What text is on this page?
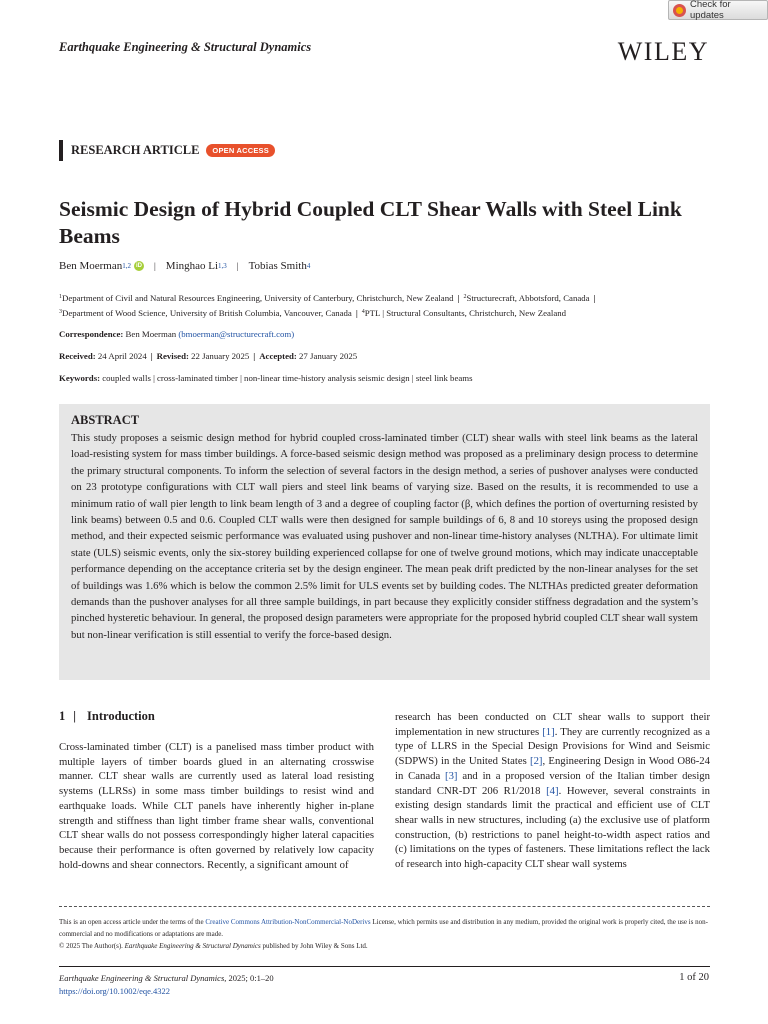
Check for updates
Earthquake Engineering & Structural Dynamics	WILEY
RESEARCH ARTICLE	OPEN ACCESS
Seismic Design of Hybrid Coupled CLT Shear Walls with Steel Link Beams
Ben Moerman 1,2 iD | Minghao Li 1,3 | Tobias Smith 4
$^1$Department of Civil and Natural Resources Engineering, University of Canterbury, Christchurch, New Zealand | $^2$Structurecraft, Abbotsford, Canada |
$^3$Department of Wood Science, University of British Columbia, Vancouver, Canada | $^4$PTL | Structural Consultants, Christchurch, New Zealand
Correspondence: Ben Moerman (bmoerman@structurecraft.com)
Received: 24 April 2024 | Revised: 22 January 2025 | Accepted: 27 January 2025
Keywords: coupled walls | cross-laminated timber | non-linear time-history analysis seismic design | steel link beams
ABSTRACT

This study proposes a seismic design method for hybrid coupled cross-laminated timber (CLT) shear walls with steel link beams as the lateral load-resisting system for mass timber buildings. A force-based seismic design method was proposed as a preliminary design process to determine the primary structural components. To inform the selection of several factors in the design method, a series of pushover analyses were conducted on 23 prototype configurations with CLT wall piers and steel link beams of varying size. Based on the results, it is recommended to use a minimum ratio of wall pier length to link beam length of 3 and a degree of coupling factor (β, which defines the portion of overturning resisted by link beams) between 0.5 and 0.6. Coupled CLT walls were then designed for sample buildings of 6, 8 and 10 storeys using the proposed design method, and their expected seismic performance was evaluated using pushover and non-linear time-history analyses (NLTHA). For ultimate limit state (ULS) seismic events, only the six-storey building experienced collapse for one of twelve ground motions, which may indicate unacceptable performance depending on the acceptance criteria set by the design engineer. The mean peak drift predicted by the non-linear analyses for the set of buildings was 1.6% which is below the common 2.5% limit for ULS events set by building codes. The NLTHAs predicted greater deformation demands than the pushover analyses for all three sample buildings, in part because they explicitly consider stiffness degradation and the system’s pinched hysteretic behaviour. In general, the proposed design parameters were appropriate for the proposed hybrid coupled CLT shear wall system but non-linear verification is still essential to verify the force-based design.

1 | Introduction
Cross-laminated timber (CLT) is a panelised mass timber product with multiple layers of timber boards glued in an alternating crosswise manner. CLT shear walls are currently used as lateral load resisting systems (LLRSs) in some mass timber buildings to resist wind and earthquake loads. While CLT panels have inherently higher in-plane strength and stiffness than light timber frame shear walls, conventional CLT shear walls do not possess correspondingly higher lateral capacities because their performance is often governed by relatively low capacity hold-downs and shear connectors. Recently, a significant amount of
research has been conducted on CLT shear walls to support their implementation in new structures [1]. They are currently recognized as a type of LLRS in the Special Design Provisions for Wind and Seismic (SDPWS) in the United States [2], Engineering Design in Wood O86-24 in Canada [3] and in a proposed version of the Italian timber design standard CNR-DT 206 R1/2018 [4]. However, several constraints in existing design standards limit the practical and efficient use of CLT shear walls in new structures, including (a) the exclusive use of platform construction, (b) restrictions to panel height-to-width aspect ratios and (c) limitations on the types of fasteners. These limitations reflect the lack of research into high-capacity CLT shear wall systems
This is an open access article under the terms of the Creative Commons Attribution-NonCommercial-NoDerivs License, which permits use and distribution in any medium, provided the original work is properly cited, the use is non-commercial and no modifications or adaptations are made.
© 2025 The Author(s). Earthquake Engineering & Structural Dynamics published by John Wiley & Sons Ltd.
Earthquake Engineering & Structural Dynamics, 2025; 0:1–20
https://doi.org/10.1002/eqe.4322
1 of 20
